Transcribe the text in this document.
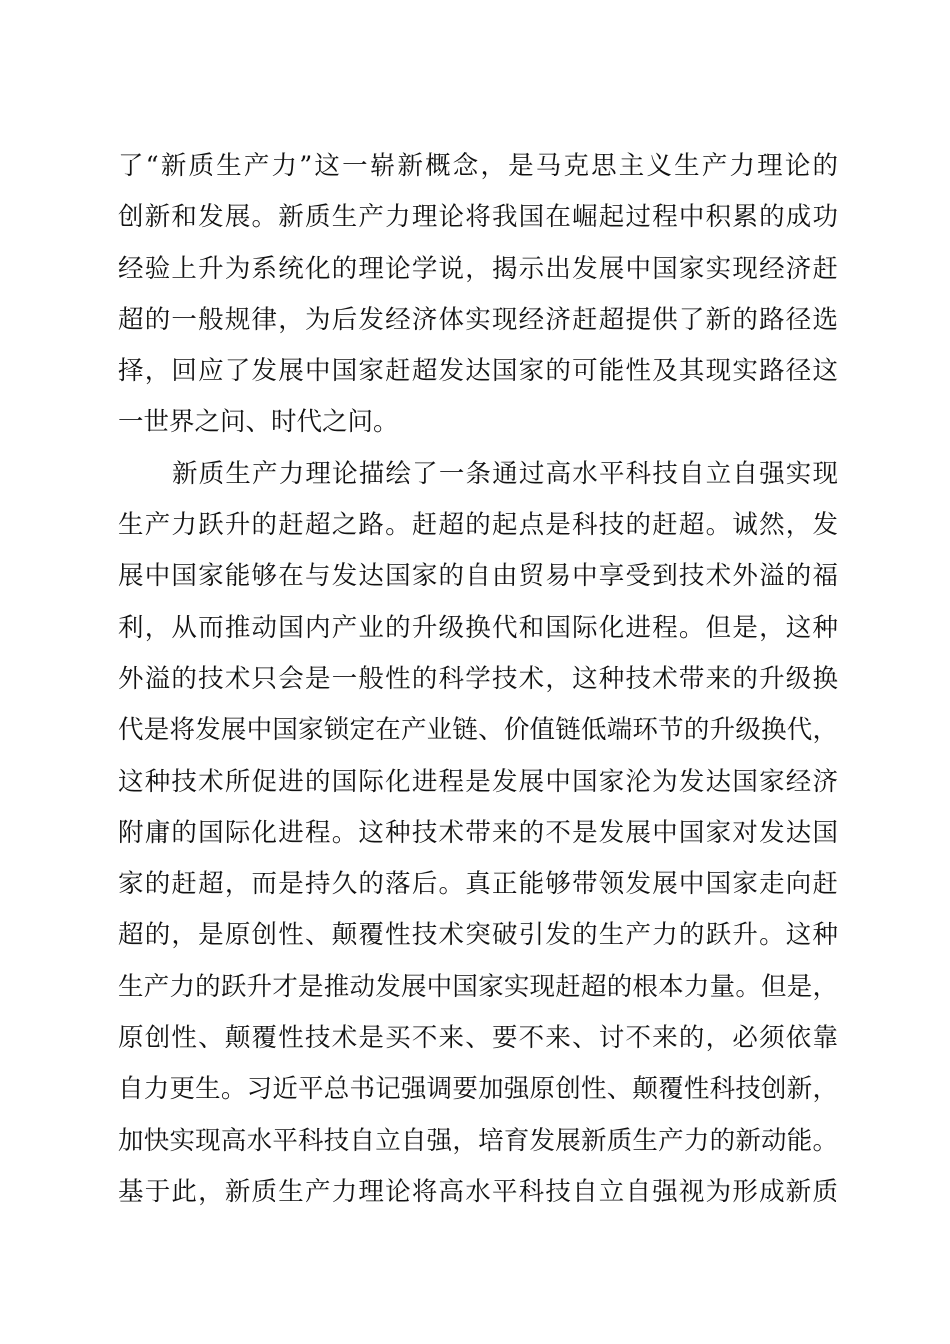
了“新质生产力”这一崭新概念，是马克思主义生产力理论的
创新和发展。新质生产力理论将我国在崛起过程中积累的成功
经验上升为系统化的理论学说，揭示出发展中国家实现经济赶
超的一般规律，为后发经济体实现经济赶超提供了新的路径选
择，回应了发展中国家赶超发达国家的可能性及其现实路径这
一世界之问、时代之问。
新质生产力理论描绘了一条通过高水平科技自立自强实现
生产力跃升的赶超之路。赶超的起点是科技的赶超。诚然，发
展中国家能够在与发达国家的自由贸易中享受到技术外溢的福
利，从而推动国内产业的升级换代和国际化进程。但是，这种
外溢的技术只会是一般性的科学技术，这种技术带来的升级换
代是将发展中国家锁定在产业链、价值链低端环节的升级换代，
这种技术所促进的国际化进程是发展中国家沦为发达国家经济
附庸的国际化进程。这种技术带来的不是发展中国家对发达国
家的赶超，而是持久的落后。真正能够带领发展中国家走向赶
超的，是原创性、颠覆性技术突破引发的生产力的跃升。这种
生产力的跃升才是推动发展中国家实现赶超的根本力量。但是，
原创性、颠覆性技术是买不来、要不来、讨不来的，必须依靠
自力更生。习近平总书记强调要加强原创性、颠覆性科技创新，
加快实现高水平科技自立自强，培育发展新质生产力的新动能。
基于此，新质生产力理论将高水平科技自立自强视为形成新质
